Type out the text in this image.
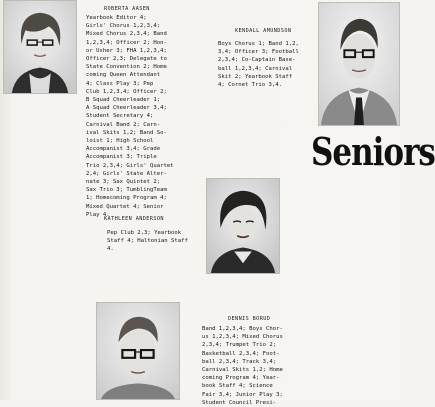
ROBERTA AASEN
Yearbook Editor 4;
Girls' Chorus 1,2,3,4;
Mixed Chorus 2,3,4; Band
1,2,3,4; Officer 2; Hon-
or Usher 3; FHA 1,2,3,4;
Officer 2,3; Delegate to
State Convention 2; Home
coming Queen Attendant
4; Class Play 3; Pep
Club 1,2,3,4; Officer 2;
B Squad Cheerleader 1;
A Squad Cheerleader 3,4;
Student Secretary 4;
Carnival Band 2; Carn-
ival Skits 1,2; Band So-
loist 1; High School
Accompanist 3,4; Grade
Accompanist 3; Triple
Trio 2,3,4; Girls' Quartet
2,4; Girls' State Alter-
nate 3; Sax Quintet 2;
Sax Trio 3; TumblingTeam
1; Homecoming Program 4;
Mixed Quartet 4; Senior
Play 4.
KENDALL AMUNDSON
Boys Chorus 1; Band 1,2,
3,4; Officer 3; Football
2,3,4; Co-Captain Base-
ball 1,2,3,4; Carnival
Skit 2; Yearbook Staff
4; Cornet Trio 3,4.
Seniors
KATHLEEN ANDERSON
Pep Club 2,3; Yearbook
Staff 4; Haltonian Staff
4.
DENNIS BORUD
Band 1,2,3,4; Boys Chor-
us 1,2,3,4; Mixed Chorus
2,3,4; Trumpet Trio 2;
Basketball 2,3,4; Foot-
ball 2,3,4; Track 3,4;
Carnival Skits 1,2; Home
coming Program 4; Year-
book Staff 4; Science
Fair 3,4; Junior Play 3;
Student Council Presi-
